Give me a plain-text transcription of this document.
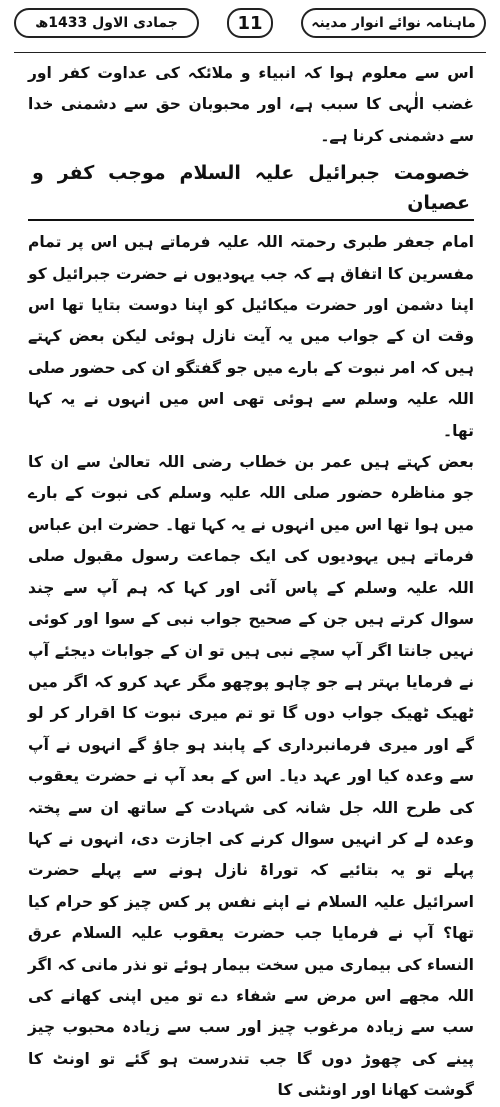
ماہنامہ نوائے انوار مدینہ
11
جمادی الاول 1433ھ

اس سے معلوم ہوا کہ انبیاء و ملائکہ کی عداوت کفر اور غضب الٰہی کا سبب ہے، اور محبوبان حق سے دشمنی خدا سے دشمنی کرنا ہے۔

خصومت جبرائیل علیہ السلام موجب کفر و عصیان

امام جعفر طبری رحمتہ اللہ علیہ فرماتے ہیں اس پر تمام مفسرین کا اتفاق ہے کہ جب یہودیوں نے حضرت جبرائیل کو اپنا دشمن اور حضرت میکائیل کو اپنا دوست بتایا تھا اس وقت ان کے جواب میں یہ آیت نازل ہوئی لیکن بعض کہتے ہیں کہ امر نبوت کے بارے میں جو گفتگو ان کی حضور صلی اللہ علیہ وسلم سے ہوئی تھی اس میں انہوں نے یہ کہا تھا۔

بعض کہتے ہیں عمر بن خطاب رضی اللہ تعالیٰ سے ان کا جو مناظرہ حضور صلی اللہ علیہ وسلم کی نبوت کے بارے میں ہوا تھا اس میں انہوں نے یہ کہا تھا۔ حضرت ابن عباس فرماتے ہیں یہودیوں کی ایک جماعت رسول مقبول صلی اللہ علیہ وسلم کے پاس آئی اور کہا کہ ہم آپ سے چند سوال کرتے ہیں جن کے صحیح جواب نبی کے سوا اور کوئی نہیں جانتا اگر آپ سچے نبی ہیں تو ان کے جوابات دیجئے آپ نے فرمایا بہتر ہے جو چاہو پوچھو مگر عہد کرو کہ اگر میں ٹھیک ٹھیک جواب دوں گا تو تم میری نبوت کا اقرار کر لو گے اور میری فرمانبرداری کے پابند ہو جاؤ گے انہوں نے آپ سے وعدہ کیا اور عہد دیا۔ اس کے بعد آپ نے حضرت یعقوب کی طرح اللہ جل شانہ کی شہادت کے ساتھ ان سے پختہ وعدہ لے کر انہیں سوال کرنے کی اجازت دی، انہوں نے کہا پہلے تو یہ بتائیے کہ توراۃ نازل ہونے سے پہلے حضرت اسرائیل علیہ السلام نے اپنے نفس پر کس چیز کو حرام کیا تھا؟ آپ نے فرمایا جب حضرت یعقوب علیہ السلام عرق النساء کی بیماری میں سخت بیمار ہوئے تو نذر مانی کہ اگر اللہ مجھے اس مرض سے شفاء دے تو میں اپنی کھانے کی سب سے زیادہ مرغوب چیز اور سب سے زیادہ محبوب چیز پینے کی چھوڑ دوں گا جب تندرست ہو گئے تو اونٹ کا گوشت کھانا اور اونٹنی کا
